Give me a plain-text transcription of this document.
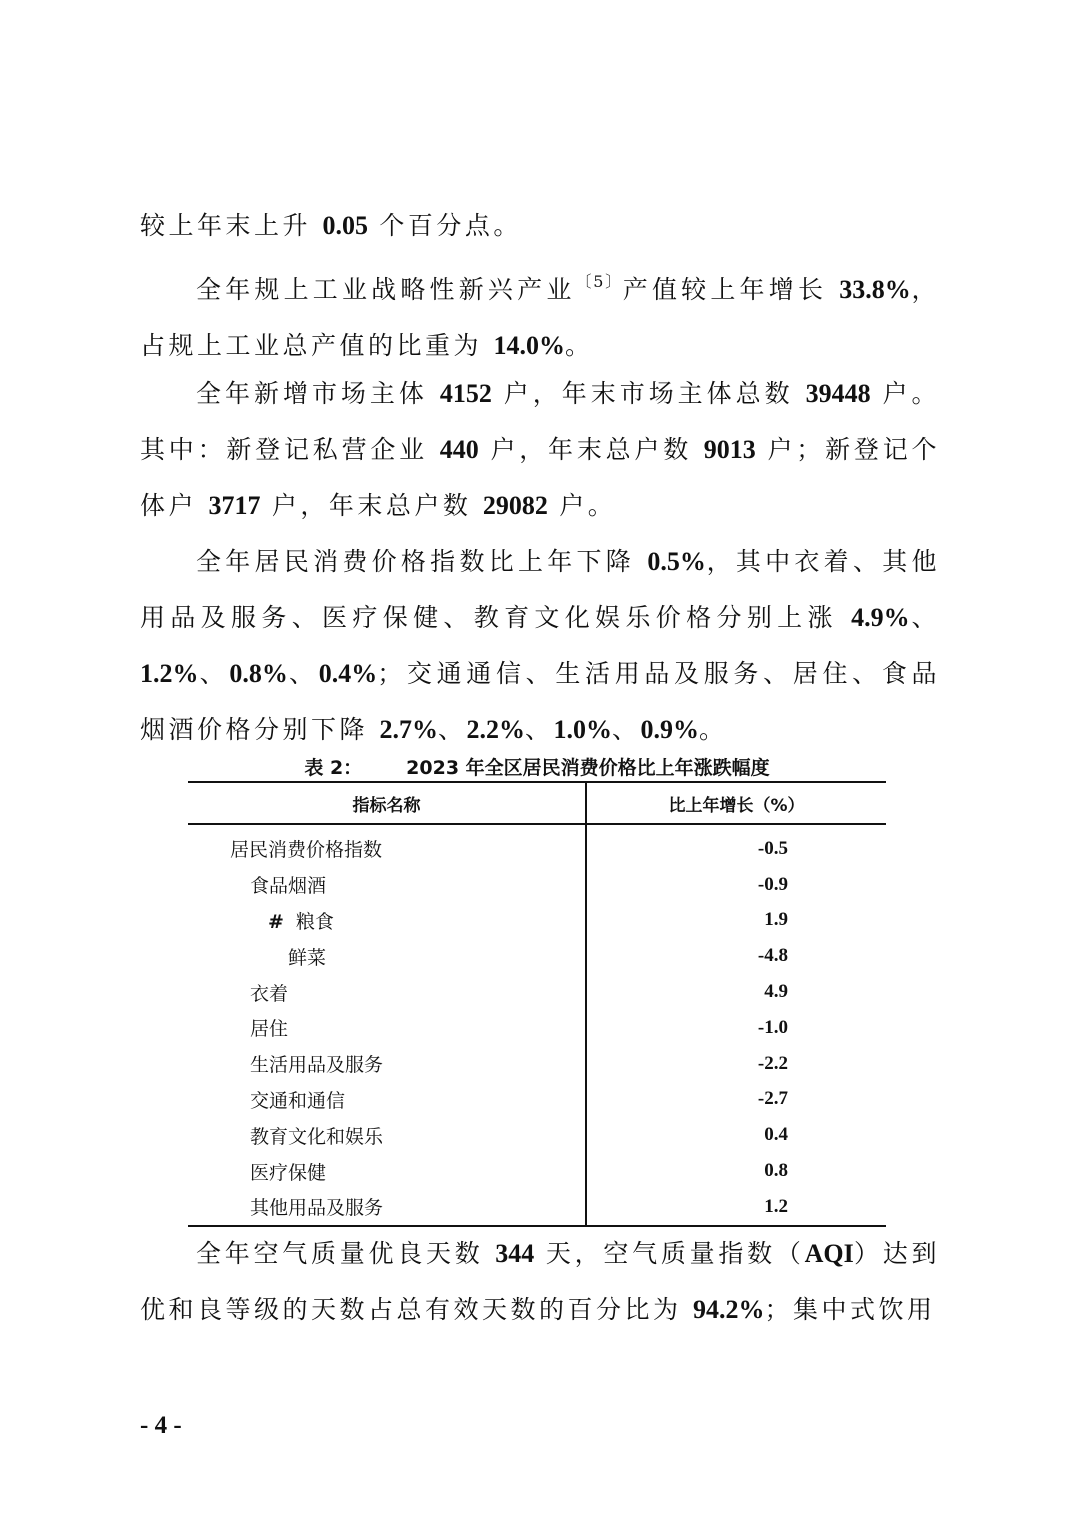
较上年末上升 0.05 个百分点。

全年规上工业战略性新兴产业$^{〔5〕}$产值较上年增长 33.8%，占规上工业总产值的比重为 14.0%。

全年新增市场主体 4152 户，年末市场主体总数 39448 户。其中：新登记私营企业 440 户，年末总户数 9013 户；新登记个体户 3717 户，年末总户数 29082 户。

全年居民消费价格指数比上年下降 0.5%，其中衣着、其他用品及服务、医疗保健、教育文化娱乐价格分别上涨 4.9%、1.2%、0.8%、0.4%；交通通信、生活用品及服务、居住、食品烟酒价格分别下降 2.7%、2.2%、1.0%、0.9%。

表 2： 2023 年全区居民消费价格比上年涨跌幅度
指标名称	比上年增长（%）
居民消费价格指数	-0.5
食品烟酒	-0.9
# 粮食	1.9
鲜菜	-4.8
衣着	4.9
居住	-1.0
生活用品及服务	-2.2
交通和通信	-2.7
教育文化和娱乐	0.4
医疗保健	0.8
其他用品及服务	1.2

全年空气质量优良天数 344 天，空气质量指数（AQI）达到优和良等级的天数占总有效天数的百分比为 94.2%；集中式饮用

- 4 -
